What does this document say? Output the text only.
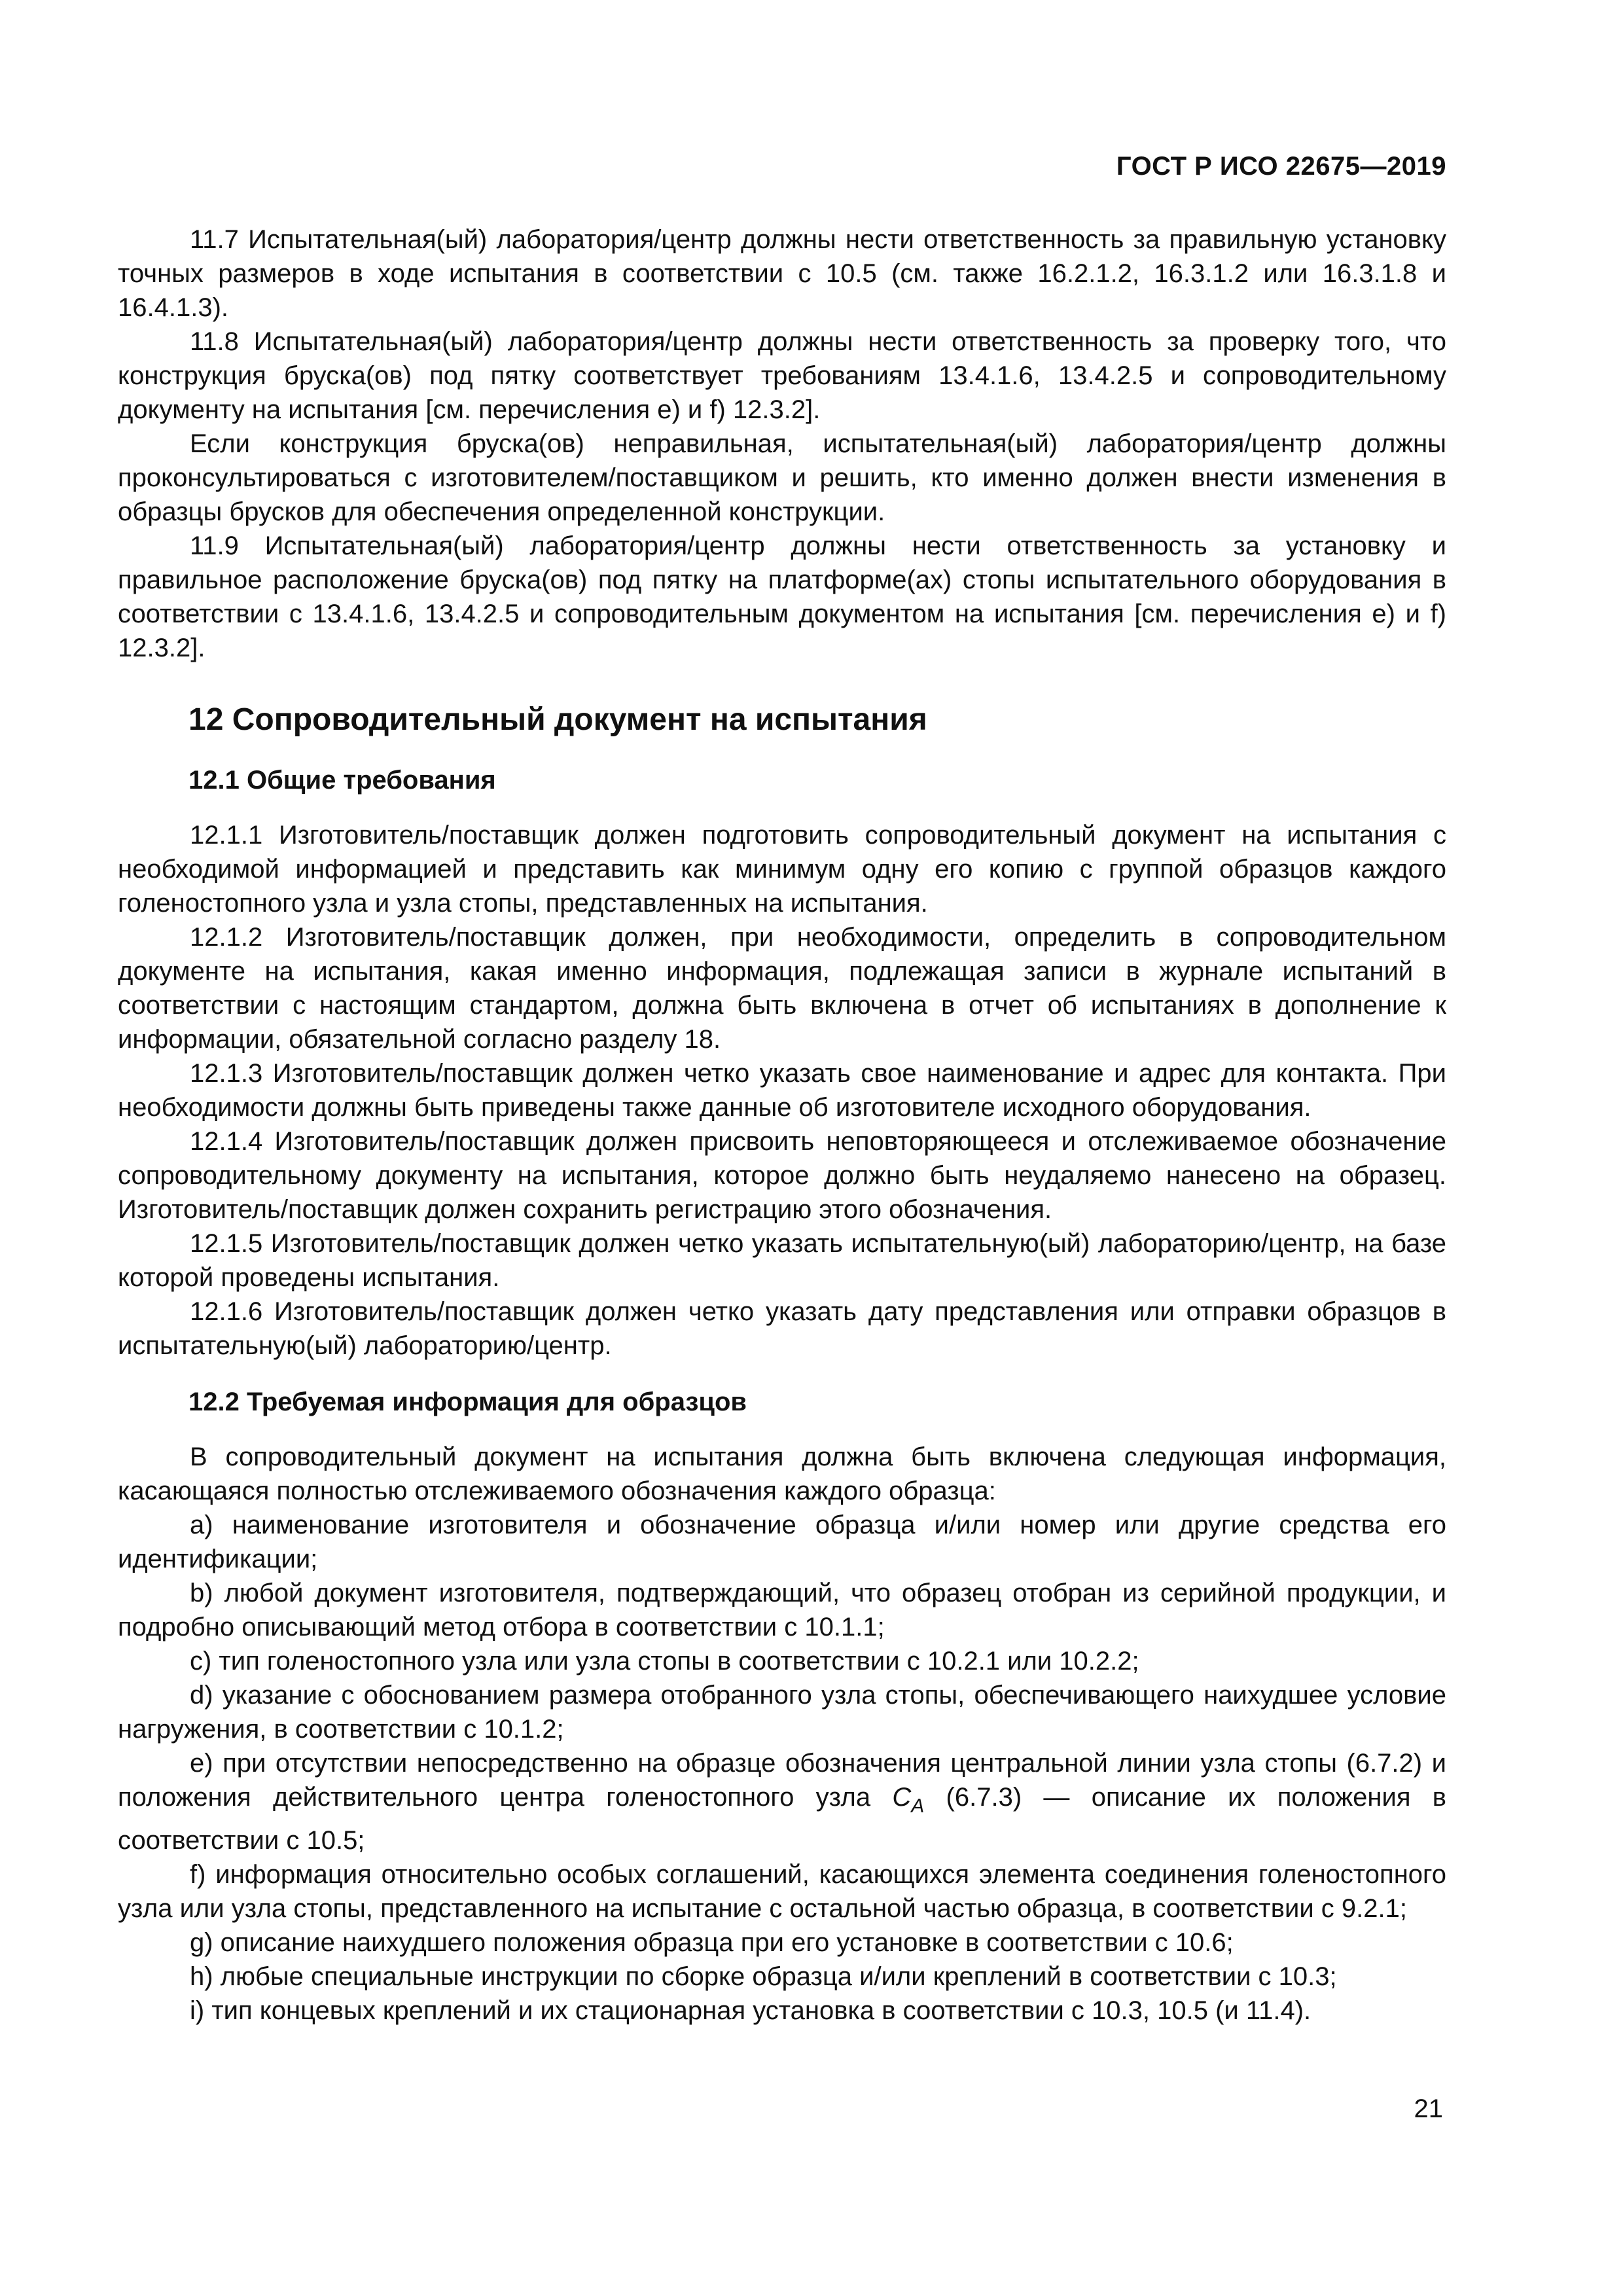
ГОСТ Р ИСО 22675—2019

11.7 Испытательная(ый) лаборатория/центр должны нести ответственность за правильную установку точных размеров в ходе испытания в соответствии с 10.5 (см. также 16.2.1.2, 16.3.1.2 или 16.3.1.8 и 16.4.1.3).

11.8 Испытательная(ый) лаборатория/центр должны нести ответственность за проверку того, что конструкция бруска(ов) под пятку соответствует требованиям 13.4.1.6, 13.4.2.5 и сопроводительному документу на испытания [см. перечисления e) и f) 12.3.2].

Если конструкция бруска(ов) неправильная, испытательная(ый) лаборатория/центр должны проконсультироваться с изготовителем/поставщиком и решить, кто именно должен внести изменения в образцы брусков для обеспечения определенной конструкции.

11.9 Испытательная(ый) лаборатория/центр должны нести ответственность за установку и правильное расположение бруска(ов) под пятку на платформе(ах) стопы испытательного оборудования в соответствии с 13.4.1.6, 13.4.2.5 и сопроводительным документом на испытания [см. перечисления e) и f) 12.3.2].

12 Сопроводительный документ на испытания
12.1 Общие требования

12.1.1 Изготовитель/поставщик должен подготовить сопроводительный документ на испытания с необходимой информацией и представить как минимум одну его копию с группой образцов каждого голеностопного узла и узла стопы, представленных на испытания.

12.1.2 Изготовитель/поставщик должен, при необходимости, определить в сопроводительном документе на испытания, какая именно информация, подлежащая записи в журнале испытаний в соответствии с настоящим стандартом, должна быть включена в отчет об испытаниях в дополнение к информации, обязательной согласно разделу 18.

12.1.3 Изготовитель/поставщик должен четко указать свое наименование и адрес для контакта. При необходимости должны быть приведены также данные об изготовителе исходного оборудования.

12.1.4 Изготовитель/поставщик должен присвоить неповторяющееся и отслеживаемое обозначение сопроводительному документу на испытания, которое должно быть неудаляемо нанесено на образец. Изготовитель/поставщик должен сохранить регистрацию этого обозначения.

12.1.5 Изготовитель/поставщик должен четко указать испытательную(ый) лабораторию/центр, на базе которой проведены испытания.

12.1.6 Изготовитель/поставщик должен четко указать дату представления или отправки образцов в испытательную(ый) лабораторию/центр.

12.2 Требуемая информация для образцов

В сопроводительный документ на испытания должна быть включена следующая информация, касающаяся полностью отслеживаемого обозначения каждого образца:

a) наименование изготовителя и обозначение образца и/или номер или другие средства его идентификации;

b) любой документ изготовителя, подтверждающий, что образец отобран из серийной продукции, и подробно описывающий метод отбора в соответствии с 10.1.1;

c) тип голеностопного узла или узла стопы в соответствии с 10.2.1 или 10.2.2;

d) указание с обоснованием размера отобранного узла стопы, обеспечивающего наихудшее условие нагружения, в соответствии с 10.1.2;

e) при отсутствии непосредственно на образце обозначения центральной линии узла стопы (6.7.2) и положения действительного центра голеностопного узла $C_A$ (6.7.3) — описание их положения в соответствии с 10.5;

f) информация относительно особых соглашений, касающихся элемента соединения голеностопного узла или узла стопы, представленного на испытание с остальной частью образца, в соответствии с 9.2.1;

g) описание наихудшего положения образца при его установке в соответствии с 10.6;

h) любые специальные инструкции по сборке образца и/или креплений в соответствии с 10.3;

i) тип концевых креплений и их стационарная установка в соответствии с 10.3, 10.5 (и 11.4).

21
